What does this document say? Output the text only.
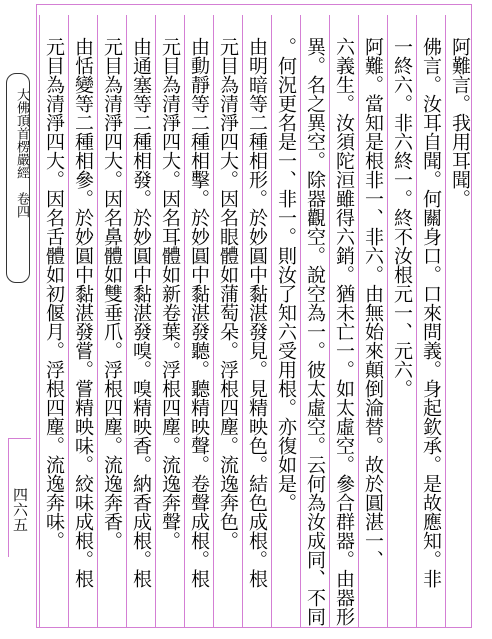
阿難言。我用耳聞。
佛言。汝耳自聞。何關身口。口來問義。身起欽承。是故應知。非
一終六。非六終一。終不汝根元一、元六。
阿難。當知是根非一、非六。由無始來顛倒淪替。故於圓湛一、
六義生。汝須陀洹雖得六銷。猶未亡一。如太虛空。參合群器。由器形
異。名之異空。除器觀空。說空為一。彼太虛空。云何為汝成同、不同
。何況更名是一、非一。則汝了知六受用根。亦復如是。
由明暗等二種相形。於妙圓中黏湛發見。見精映色。結色成根。根
元目為清淨四大。因名眼體如蒲萄朵。浮根四塵。流逸奔色。
由動靜等二種相擊。於妙圓中黏湛發聽。聽精映聲。卷聲成根。根
元目為清淨四大。因名耳體如新卷葉。浮根四塵。流逸奔聲。
由通塞等二種相發。於妙圓中黏湛發嗅。嗅精映香。納香成根。根
元目為清淨四大。因名鼻體如雙垂爪。浮根四塵。流逸奔香。
由恬變等二種相參。於妙圓中黏湛發嘗。嘗精映味。絞味成根。根
元目為清淨四大。因名舌體如初偃月。浮根四塵。流逸奔味。
大佛頂首楞嚴經　卷四
四六五
